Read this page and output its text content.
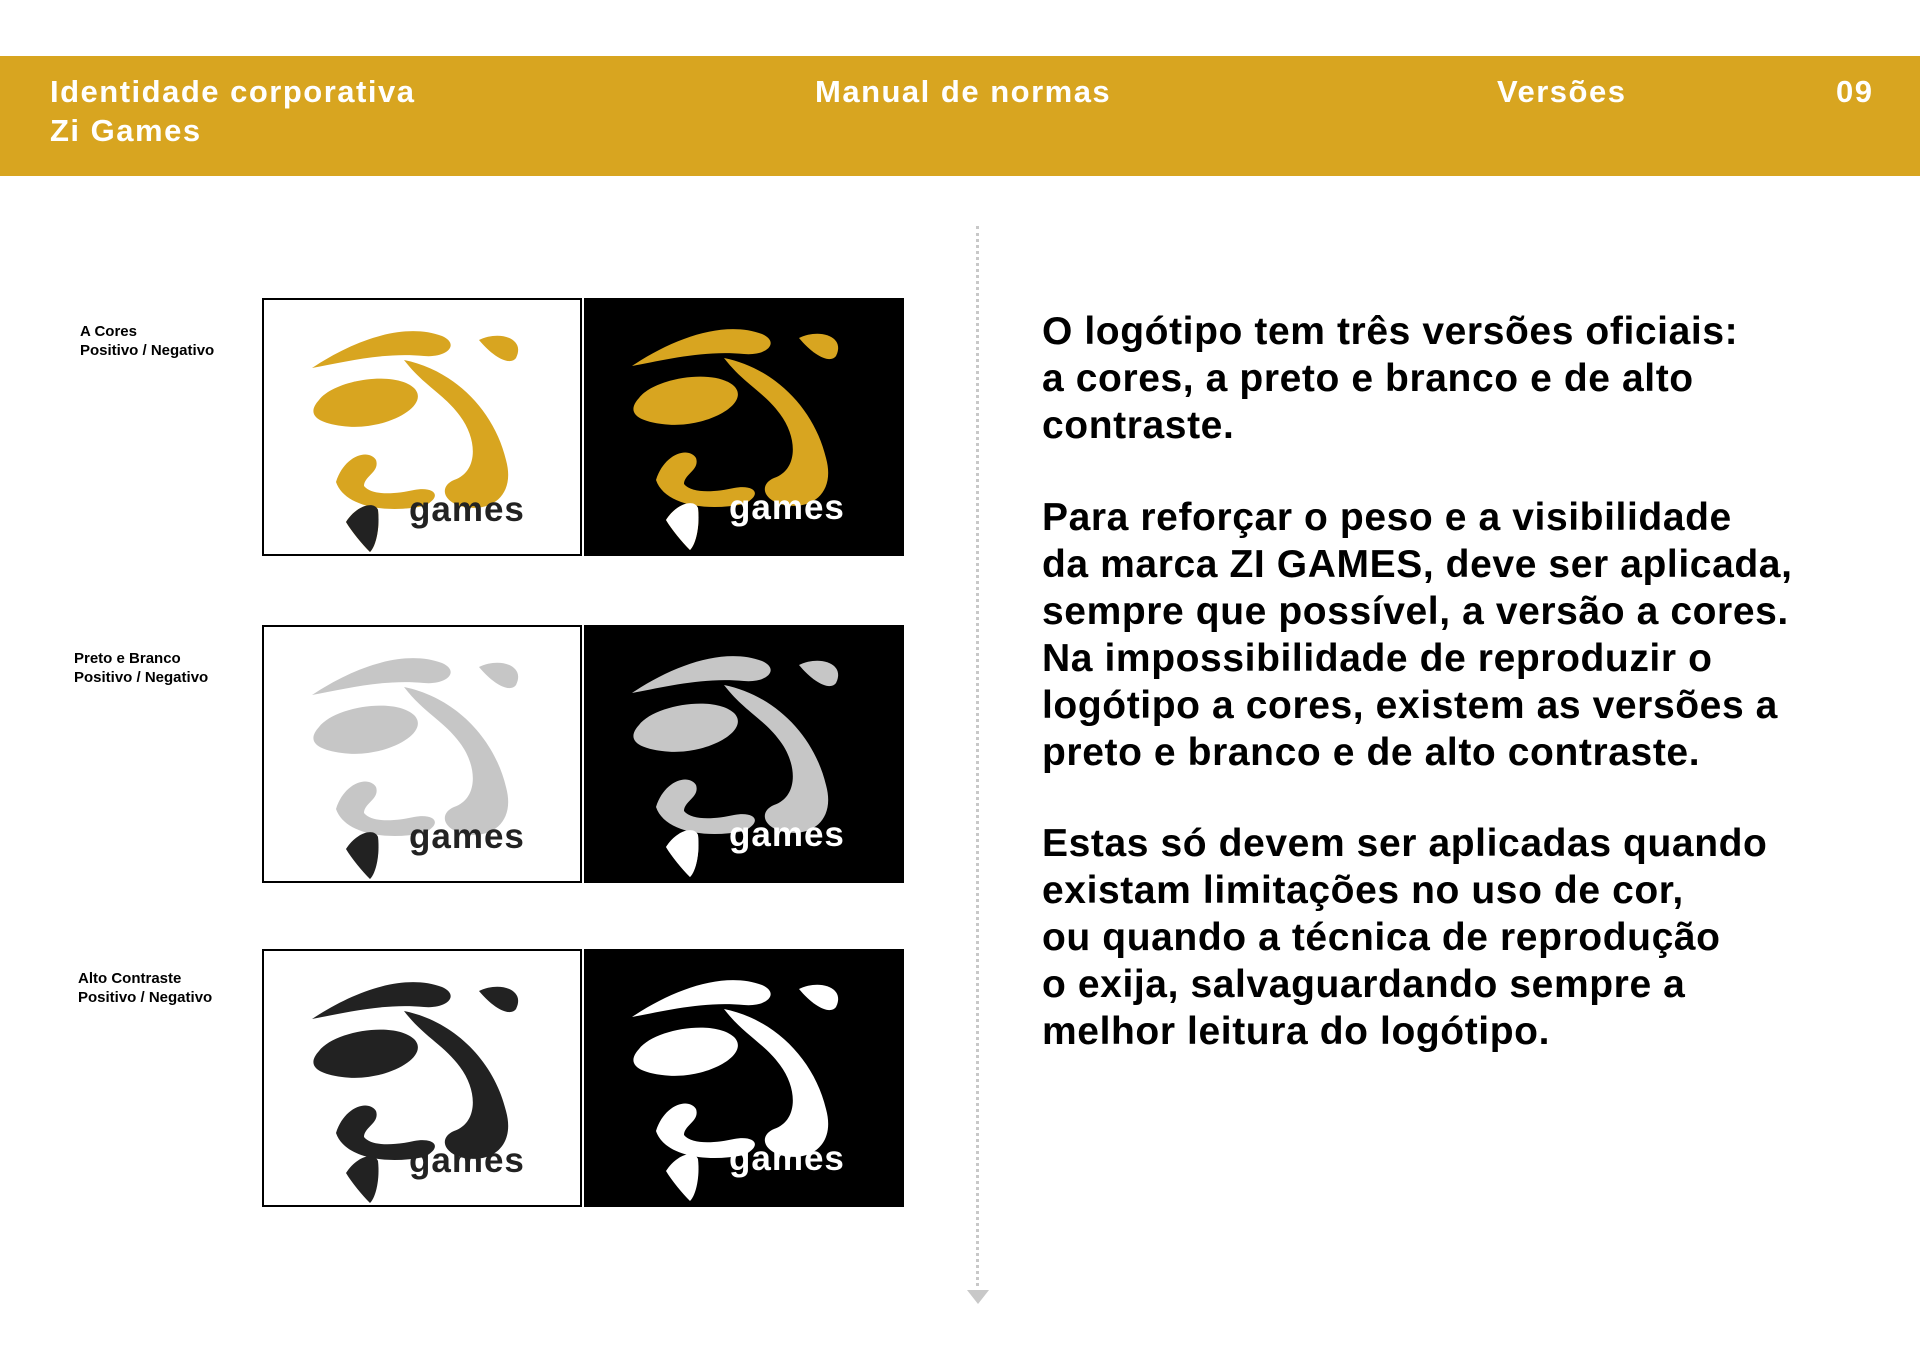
Identidade corporativa
Zi Games
Manual de normas	Versões	09
A Cores
Positivo / Negativo
games	games
Preto e Branco
Positivo / Negativo
games	games
Alto Contraste
Positivo / Negativo
games	games
O logótipo tem três versões oficiais:
a cores, a preto e branco e de alto
contraste.
Para reforçar o peso e a visibilidade
da marca ZI GAMES, deve ser aplicada,
sempre que possível, a versão a cores.
Na impossibilidade de reproduzir o
logótipo a cores, existem as versões a
preto e branco e de alto contraste.
Estas só devem ser aplicadas quando
existam limitações no uso de cor,
ou quando a técnica de reprodução
o exija, salvaguardando sempre a
melhor leitura do logótipo.
